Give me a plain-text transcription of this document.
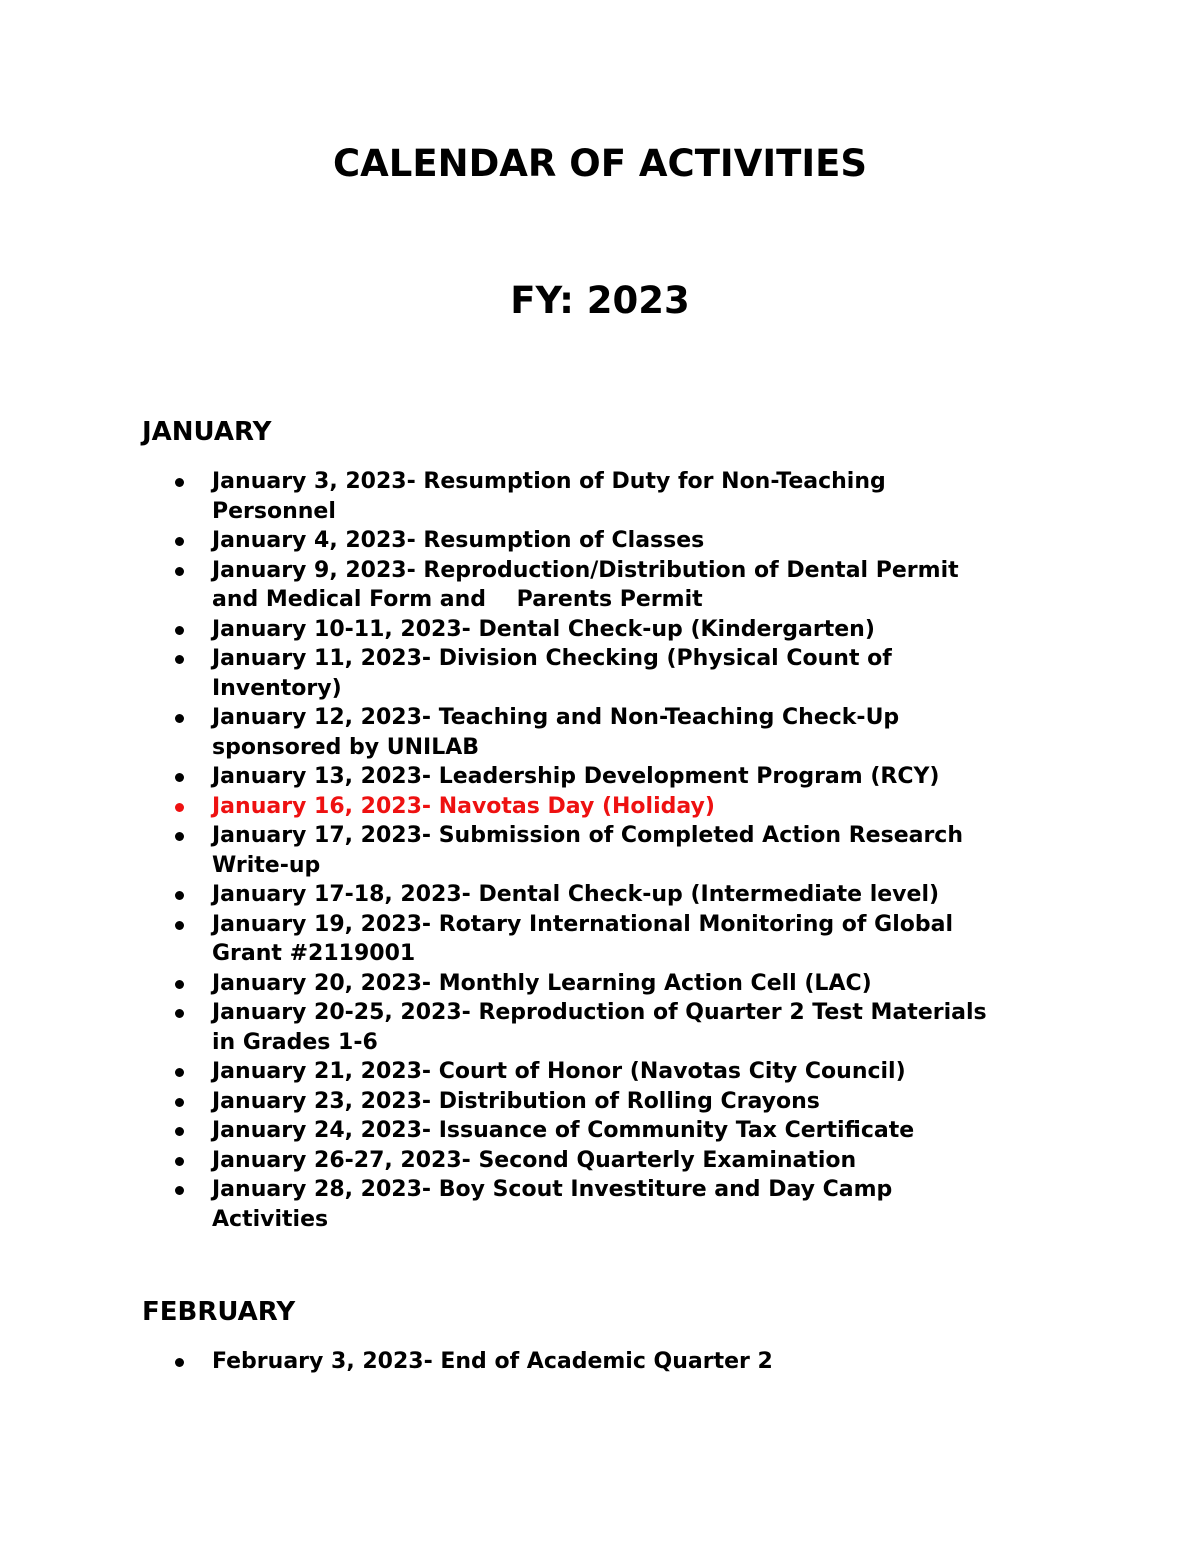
CALENDAR OF ACTIVITIES
FY: 2023
JANUARY
January 3, 2023- Resumption of Duty for Non-Teaching
Personnel
January 4, 2023- Resumption of Classes
January 9, 2023- Reproduction/Distribution of Dental Permit
and Medical Form and    Parents Permit
January 10-11, 2023- Dental Check-up (Kindergarten)
January 11, 2023- Division Checking (Physical Count of
Inventory)
January 12, 2023- Teaching and Non-Teaching Check-Up
sponsored by UNILAB
January 13, 2023- Leadership Development Program (RCY)
January 16, 2023- Navotas Day (Holiday)
January 17, 2023- Submission of Completed Action Research
Write-up
January 17-18, 2023- Dental Check-up (Intermediate level)
January 19, 2023- Rotary International Monitoring of Global
Grant #2119001
January 20, 2023- Monthly Learning Action Cell (LAC)
January 20-25, 2023- Reproduction of Quarter 2 Test Materials
in Grades 1-6
January 21, 2023- Court of Honor (Navotas City Council)
January 23, 2023- Distribution of Rolling Crayons
January 24, 2023- Issuance of Community Tax Certificate
January 26-27, 2023- Second Quarterly Examination
January 28, 2023- Boy Scout Investiture and Day Camp
Activities
FEBRUARY
February 3, 2023- End of Academic Quarter 2
